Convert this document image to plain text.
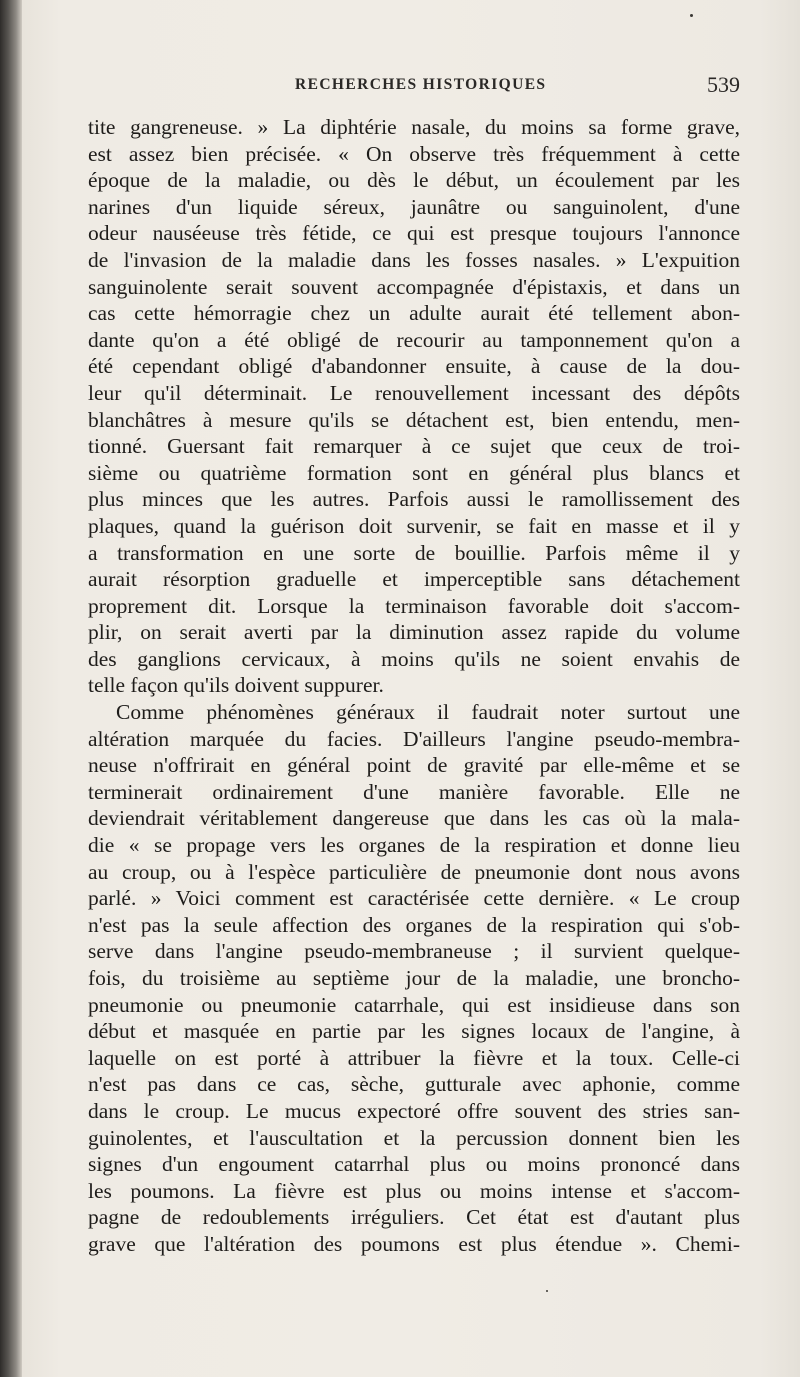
RECHERCHES HISTORIQUES	539
tite gangreneuse. » La diphtérie nasale, du moins sa forme grave,
est assez bien précisée. « On observe très fréquemment à cette
époque de la maladie, ou dès le début, un écoulement par les
narines d'un liquide séreux, jaunâtre ou sanguinolent, d'une
odeur nauséeuse très fétide, ce qui est presque toujours l'annonce
de l'invasion de la maladie dans les fosses nasales. » L'expuition
sanguinolente serait souvent accompagnée d'épistaxis, et dans un
cas cette hémorragie chez un adulte aurait été tellement abon-
dante qu'on a été obligé de recourir au tamponnement qu'on a
été cependant obligé d'abandonner ensuite, à cause de la dou-
leur qu'il déterminait. Le renouvellement incessant des dépôts
blanchâtres à mesure qu'ils se détachent est, bien entendu, men-
tionné. Guersant fait remarquer à ce sujet que ceux de troi-
sième ou quatrième formation sont en général plus blancs et
plus minces que les autres. Parfois aussi le ramollissement des
plaques, quand la guérison doit survenir, se fait en masse et il y
a transformation en une sorte de bouillie. Parfois même il y
aurait résorption graduelle et imperceptible sans détachement
proprement dit. Lorsque la terminaison favorable doit s'accom-
plir, on serait averti par la diminution assez rapide du volume
des ganglions cervicaux, à moins qu'ils ne soient envahis de
telle façon qu'ils doivent suppurer.
Comme phénomènes généraux il faudrait noter surtout une
altération marquée du facies. D'ailleurs l'angine pseudo-membra-
neuse n'offrirait en général point de gravité par elle-même et se
terminerait ordinairement d'une manière favorable. Elle ne
deviendrait véritablement dangereuse que dans les cas où la mala-
die « se propage vers les organes de la respiration et donne lieu
au croup, ou à l'espèce particulière de pneumonie dont nous avons
parlé. » Voici comment est caractérisée cette dernière. « Le croup
n'est pas la seule affection des organes de la respiration qui s'ob-
serve dans l'angine pseudo-membraneuse ; il survient quelque-
fois, du troisième au septième jour de la maladie, une broncho-
pneumonie ou pneumonie catarrhale, qui est insidieuse dans son
début et masquée en partie par les signes locaux de l'angine, à
laquelle on est porté à attribuer la fièvre et la toux. Celle-ci
n'est pas dans ce cas, sèche, gutturale avec aphonie, comme
dans le croup. Le mucus expectoré offre souvent des stries san-
guinolentes, et l'auscultation et la percussion donnent bien les
signes d'un engoument catarrhal plus ou moins prononcé dans
les poumons. La fièvre est plus ou moins intense et s'accom-
pagne de redoublements irréguliers. Cet état est d'autant plus
grave que l'altération des poumons est plus étendue ». Chemi-
